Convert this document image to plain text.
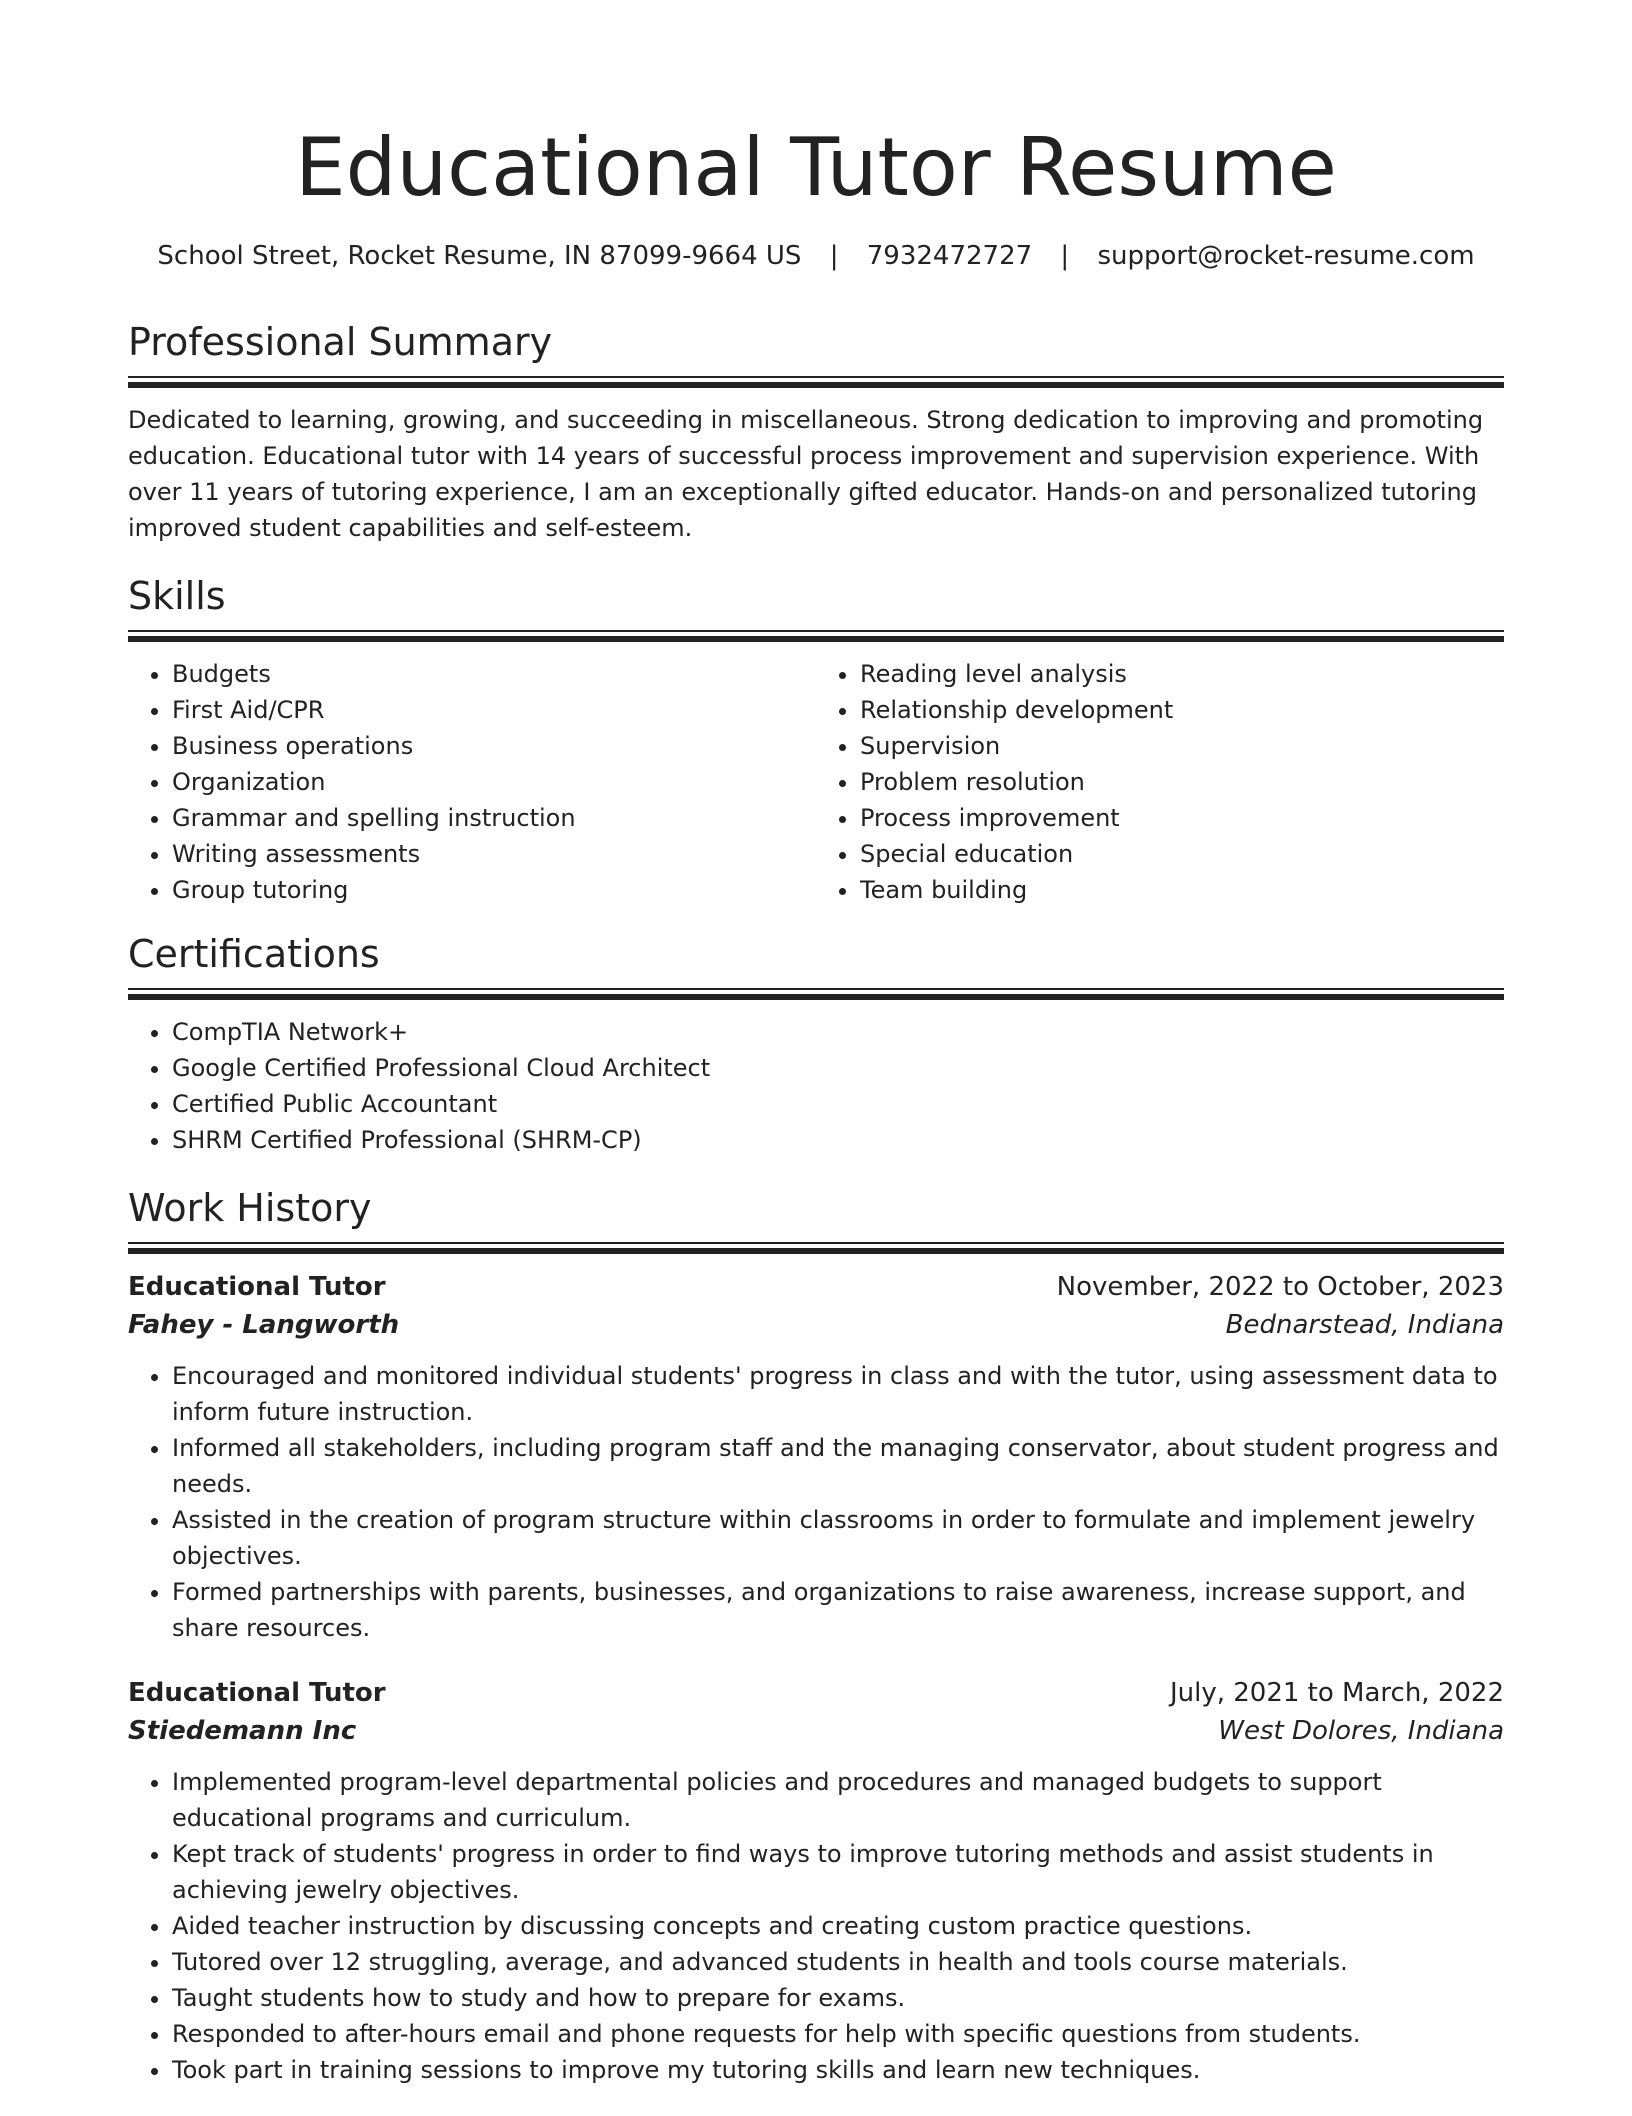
Educational Tutor Resume
School Street, Rocket Resume, IN 87099-9664 US | 7932472727 | support@rocket-resume.com
Professional Summary

Dedicated to learning, growing, and succeeding in miscellaneous. Strong dedication to improving and promoting education. Educational tutor with 14 years of successful process improvement and supervision experience. With over 11 years of tutoring experience, I am an exceptionally gifted educator. Hands-on and personalized tutoring improved student capabilities and self-esteem.

Skills
• Budgets
• First Aid/CPR
• Business operations
• Organization
• Grammar and spelling instruction
• Writing assessments
• Group tutoring
• Reading level analysis
• Relationship development
• Supervision
• Problem resolution
• Process improvement
• Special education
• Team building
Certifications
• CompTIA Network+
• Google Certified Professional Cloud Architect
• Certified Public Accountant
• SHRM Certified Professional (SHRM-CP)
Work History
Educational Tutor	November, 2022 to October, 2023
Fahey - Langworth	Bednarstead, Indiana
• Encouraged and monitored individual students' progress in class and with the tutor, using assessment data to inform future instruction.
• Informed all stakeholders, including program staff and the managing conservator, about student progress and needs.
• Assisted in the creation of program structure within classrooms in order to formulate and implement jewelry objectives.
• Formed partnerships with parents, businesses, and organizations to raise awareness, increase support, and share resources.
Educational Tutor	July, 2021 to March, 2022
Stiedemann Inc	West Dolores, Indiana
• Implemented program-level departmental policies and procedures and managed budgets to support educational programs and curriculum.
• Kept track of students' progress in order to find ways to improve tutoring methods and assist students in achieving jewelry objectives.
• Aided teacher instruction by discussing concepts and creating custom practice questions.
• Tutored over 12 struggling, average, and advanced students in health and tools course materials.
• Taught students how to study and how to prepare for exams.
• Responded to after-hours email and phone requests for help with specific questions from students.
• Took part in training sessions to improve my tutoring skills and learn new techniques.
